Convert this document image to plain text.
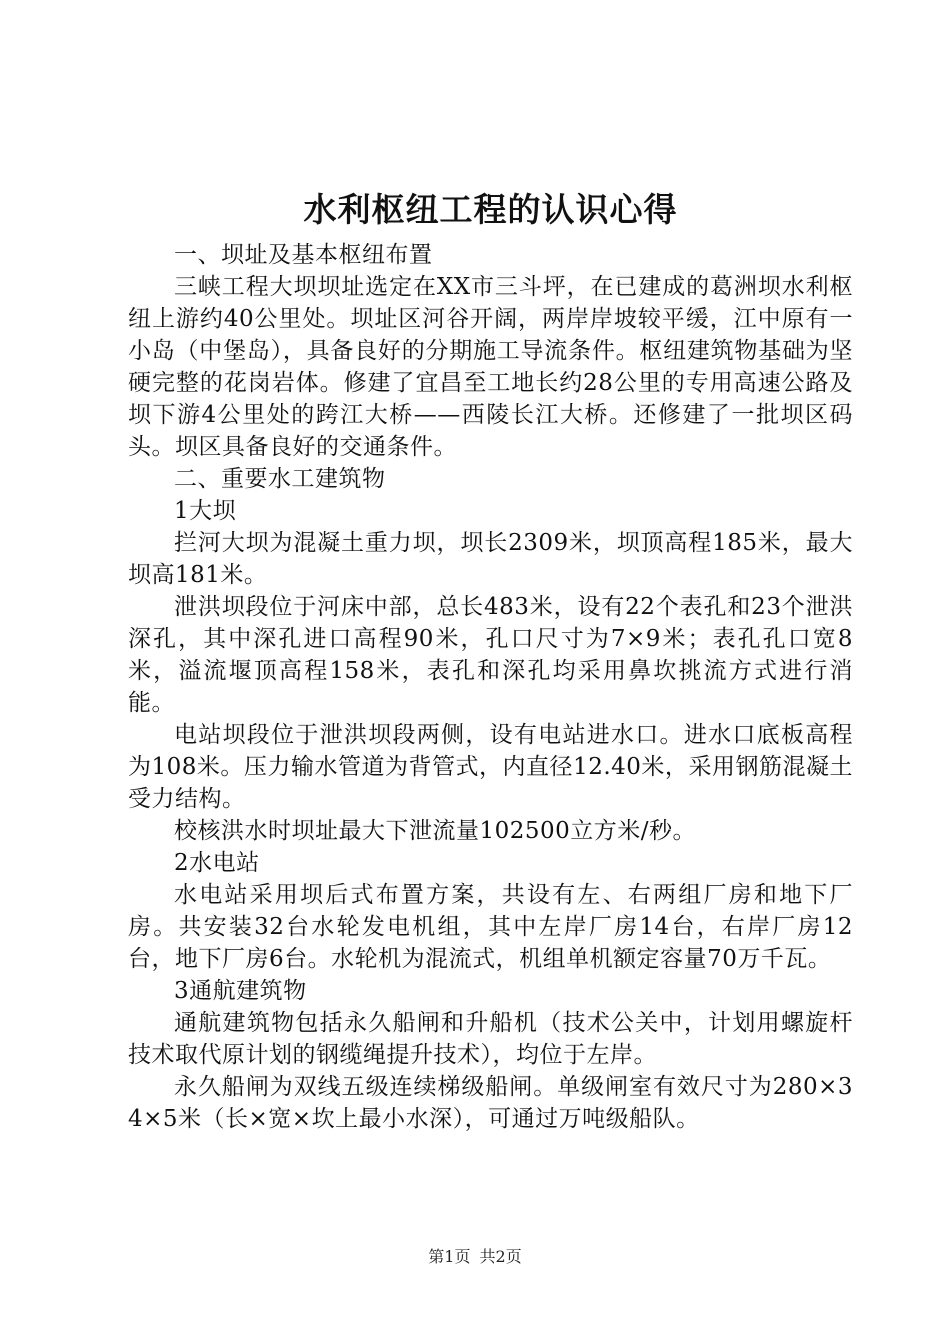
水利枢纽工程的认识心得

一、坝址及基本枢纽布置

三峡工程大坝坝址选定在XX市三斗坪，在已建成的葛洲坝水利枢纽上游约40公里处。坝址区河谷开阔，两岸岸坡较平缓，江中原有一小岛（中堡岛），具备良好的分期施工导流条件。枢纽建筑物基础为坚硬完整的花岗岩体。修建了宜昌至工地长约28公里的专用高速公路及坝下游4公里处的跨江大桥——西陵长江大桥。还修建了一批坝区码头。坝区具备良好的交通条件。

二、重要水工建筑物

1大坝

拦河大坝为混凝土重力坝，坝长2309米，坝顶高程185米，最大坝高181米。

泄洪坝段位于河床中部，总长483米，设有22个表孔和23个泄洪深孔，其中深孔进口高程90米，孔口尺寸为7×9米；表孔孔口宽8米，溢流堰顶高程158米，表孔和深孔均采用鼻坎挑流方式进行消能。

电站坝段位于泄洪坝段两侧，设有电站进水口。进水口底板高程为108米。压力输水管道为背管式，内直径12.40米，采用钢筋混凝土受力结构。

校核洪水时坝址最大下泄流量102500立方米/秒。

2水电站

水电站采用坝后式布置方案，共设有左、右两组厂房和地下厂房。共安装32台水轮发电机组，其中左岸厂房14台，右岸厂房12台，地下厂房6台。水轮机为混流式，机组单机额定容量70万千瓦。

3通航建筑物

通航建筑物包括永久船闸和升船机（技术公关中，计划用螺旋杆技术取代原计划的钢缆绳提升技术），均位于左岸。

永久船闸为双线五级连续梯级船闸。单级闸室有效尺寸为280×34×5米（长×宽×坎上最小水深），可通过万吨级船队。

第1页 共2页
